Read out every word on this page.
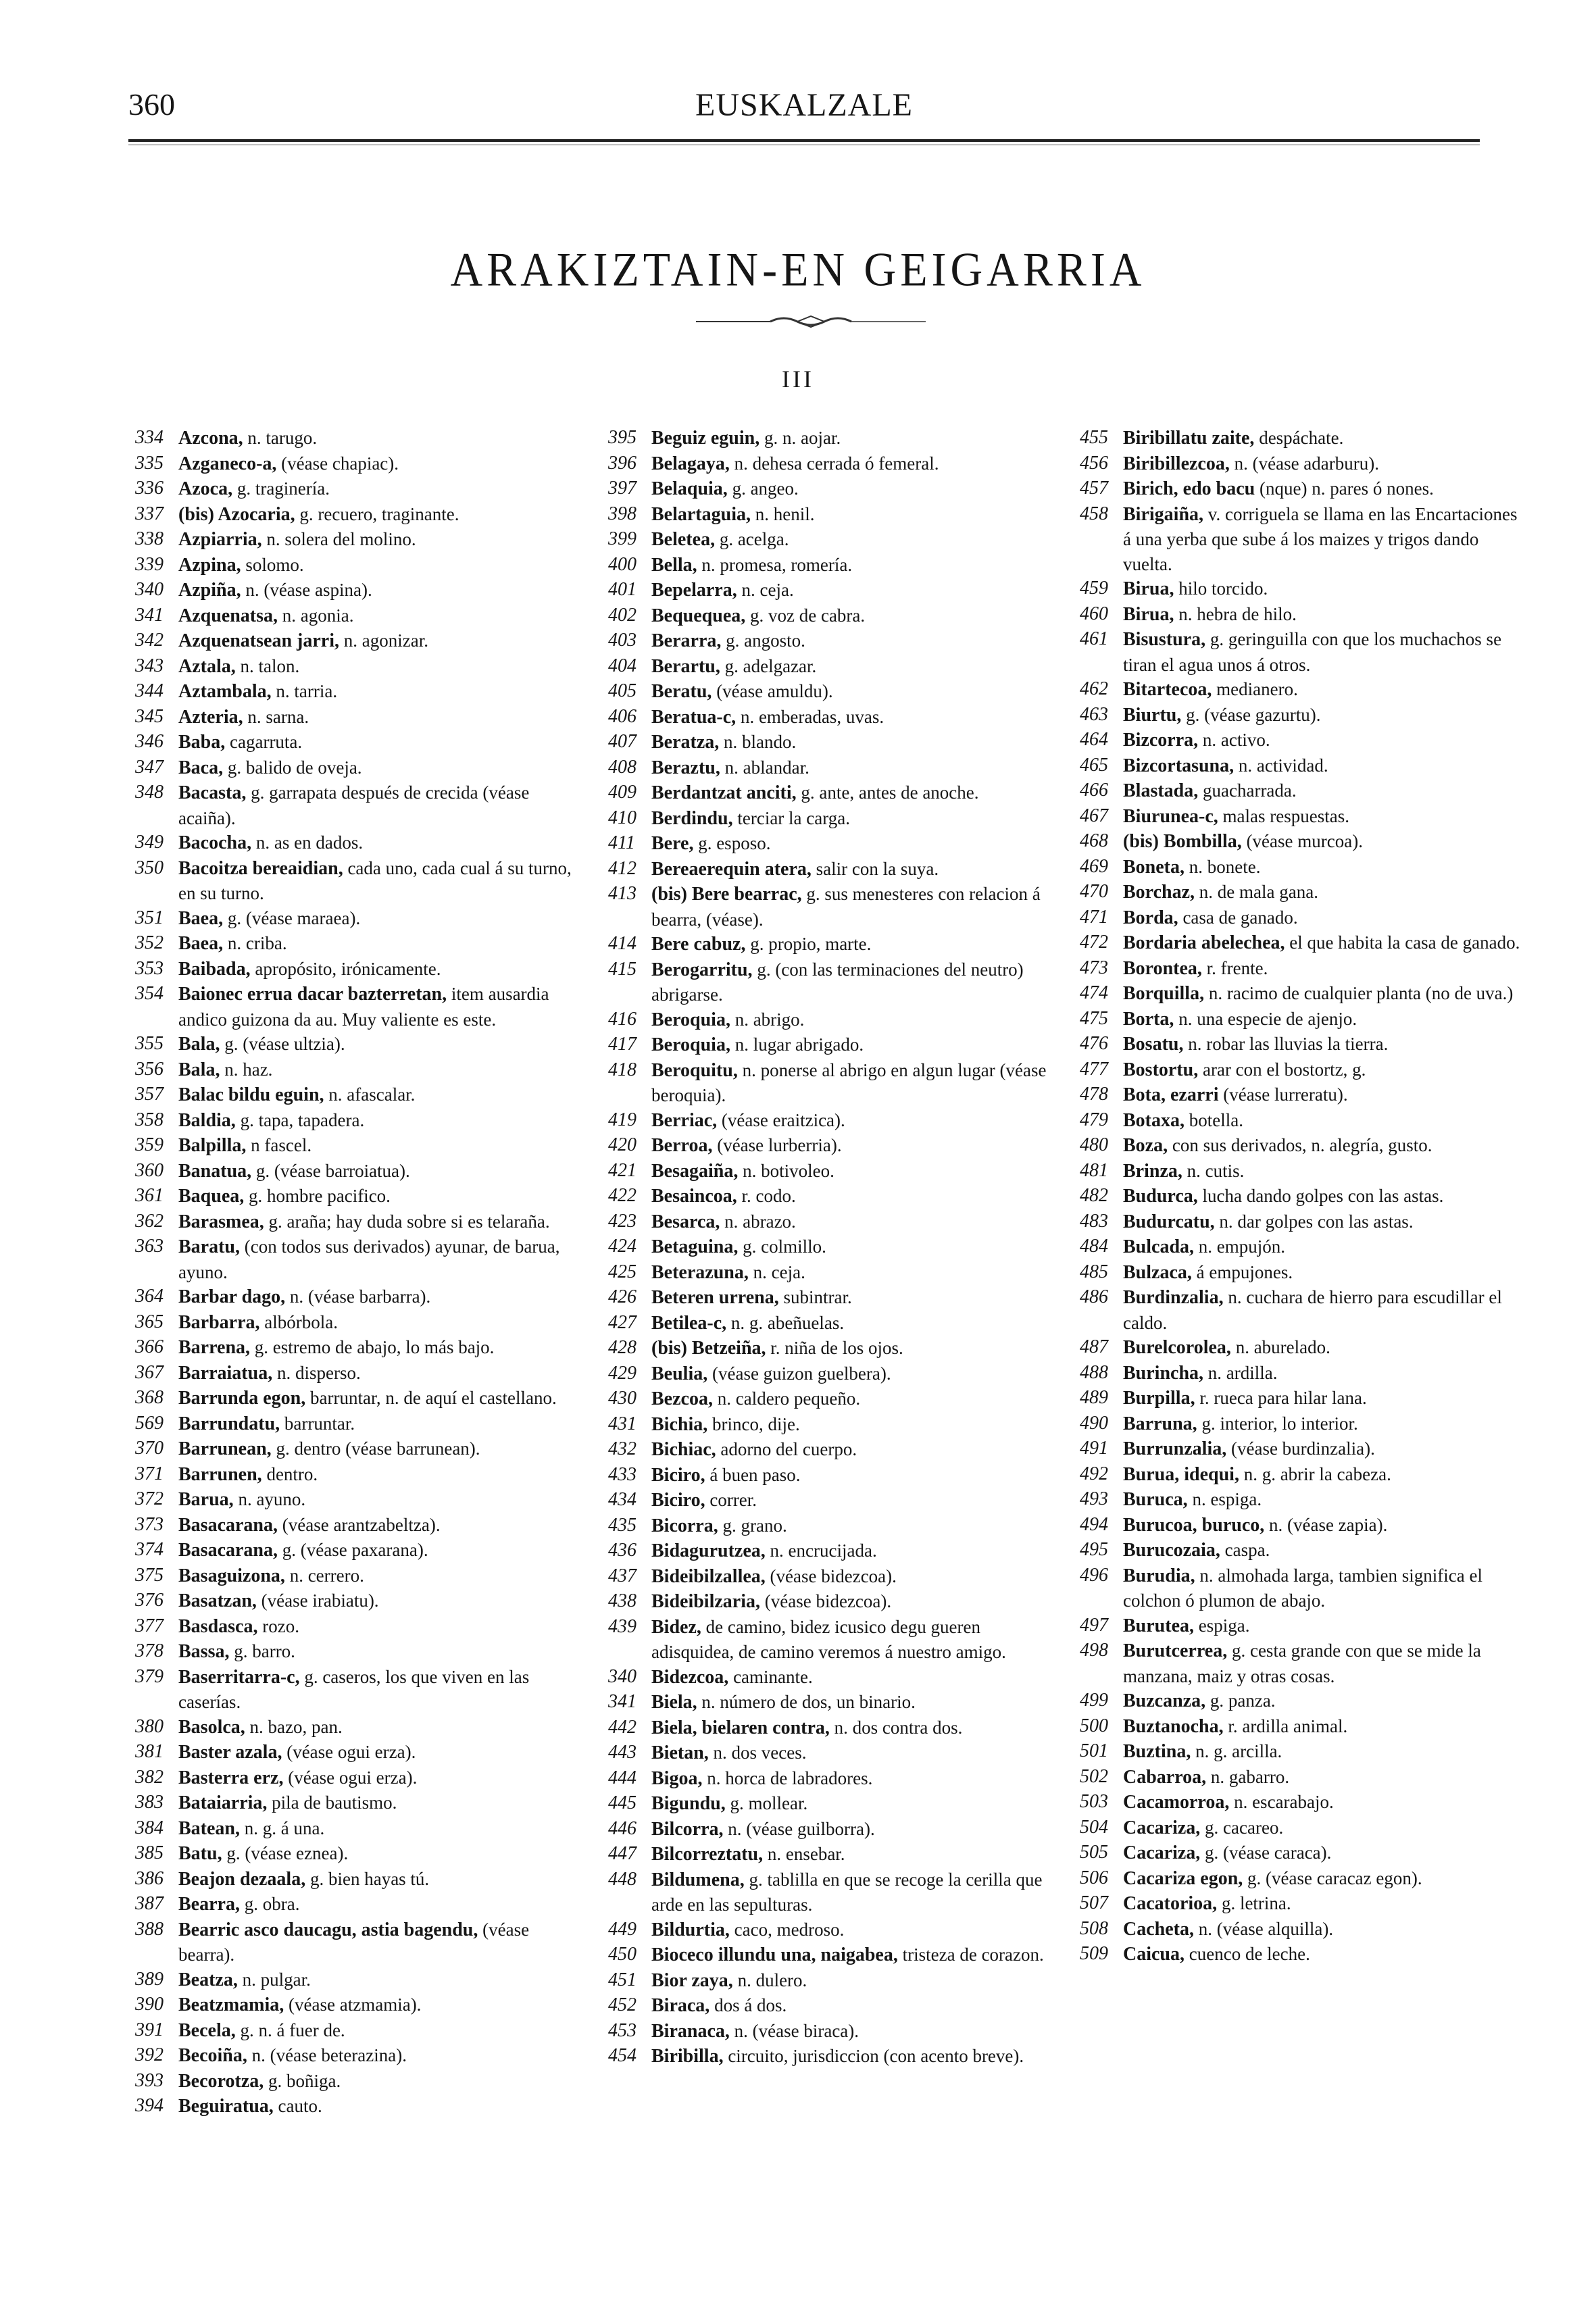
360	EUSKALZALE
ARAKIZTAIN-EN GEIGARRIA
III
334 Azcona, n. tarugo.
335 Azganeco-a, (véase chapiac).
336 Azoca, g. traginería.
337 (bis) Azocaria, g. recuero, traginante.
338 Azpiarria, n. solera del molino.
339 Azpina, solomo.
340 Azpiña, n. (véase aspina).
341 Azquenatsa, n. agonia.
342 Azquenatsean jarri, n. agonizar.
343 Aztala, n. talon.
344 Aztambala, n. tarria.
345 Azteria, n. sarna.
346 Baba, cagarruta.
347 Baca, g. balido de oveja.
348 Bacasta, g. garrapata después de crecida (véase acaiña).
349 Bacocha, n. as en dados.
350 Bacoitza bereaidian, cada uno, cada cual á su turno, en su turno.
351 Baea, g. (véase maraea).
352 Baea, n. criba.
353 Baibada, apropósito, irónicamente.
354 Baionec errua dacar bazterretan, item ausardia andico guizona da au. Muy valiente es este.
355 Bala, g. (véase ultzia).
356 Bala, n. haz.
357 Balac bildu eguin, n. afascalar.
358 Baldia, g. tapa, tapadera.
359 Balpilla, n fascel.
360 Banatua, g. (véase barroiatua).
361 Baquea, g. hombre pacifico.
362 Barasmea, g. araña; hay duda sobre si es telaraña.
363 Baratu, (con todos sus derivados) ayunar, de barua, ayuno.
364 Barbar dago, n. (véase barbarra).
365 Barbarra, albórbola.
366 Barrena, g. estremo de abajo, lo más bajo.
367 Barraiatua, n. disperso.
368 Barrunda egon, barruntar, n. de aquí el castellano.
569 Barrundatu, barruntar.
370 Barrunean, g. dentro (véase barrunean).
371 Barrunen, dentro.
372 Barua, n. ayuno.
373 Basacarana, (véase arantzabeltza).
374 Basacarana, g. (véase paxarana).
375 Basaguizona, n. cerrero.
376 Basatzan, (véase irabiatu).
377 Basdasca, rozo.
378 Bassa, g. barro.
379 Baserritarra-c, g. caseros, los que viven en las caserías.
380 Basolca, n. bazo, pan.
381 Baster azala, (véase ogui erza).
382 Basterra erz, (véase ogui erza).
383 Bataiarria, pila de bautismo.
384 Batean, n. g. á una.
385 Batu, g. (véase eznea).
386 Beajon dezaala, g. bien hayas tú.
387 Bearra, g. obra.
388 Bearric asco daucagu, astia bagendu, (véase bearra).
389 Beatza, n. pulgar.
390 Beatzmamia, (véase atzmamia).
391 Becela, g. n. á fuer de.
392 Becoiña, n. (véase beterazina).
393 Becorotza, g. boñiga.
394 Beguiratua, cauto.
395 Beguiz eguin, g. n. aojar.
396 Belagaya, n. dehesa cerrada ó femeral.
397 Belaquia, g. angeo.
398 Belartaguia, n. henil.
399 Beletea, g. acelga.
400 Bella, n. promesa, romería.
401 Bepelarra, n. ceja.
402 Bequequea, g. voz de cabra.
403 Berarra, g. angosto.
404 Berartu, g. adelgazar.
405 Beratu, (véase amuldu).
406 Beratua-c, n. emberadas, uvas.
407 Beratza, n. blando.
408 Beraztu, n. ablandar.
409 Berdantzat anciti, g. ante, antes de anoche.
410 Berdindu, terciar la carga.
411 Bere, g. esposo.
412 Bereaerequin atera, salir con la suya.
413 (bis) Bere bearrac, g. sus menesteres con relacion á bearra, (véase).
414 Bere cabuz, g. propio, marte.
415 Berogarritu, g. (con las terminaciones del neutro) abrigarse.
416 Beroquia, n. abrigo.
417 Beroquia, n. lugar abrigado.
418 Beroquitu, n. ponerse al abrigo en algun lugar (véase beroquia).
419 Berriac, (véase eraitzica).
420 Berroa, (véase lurberria).
421 Besagaiña, n. botivoleo.
422 Besaincoa, r. codo.
423 Besarca, n. abrazo.
424 Betaguina, g. colmillo.
425 Beterazuna, n. ceja.
426 Beteren urrena, subintrar.
427 Betilea-c, n. g. abeñuelas.
428 (bis) Betzeiña, r. niña de los ojos.
429 Beulia, (véase guizon guelbera).
430 Bezcoa, n. caldero pequeño.
431 Bichia, brinco, dije.
432 Bichiac, adorno del cuerpo.
433 Biciro, á buen paso.
434 Biciro, correr.
435 Bicorra, g. grano.
436 Bidagurutzea, n. encrucijada.
437 Bideibilzallea, (véase bidezcoa).
438 Bideibilzaria, (véase bidezcoa).
439 Bidez, de camino, bidez icusico degu gueren adisquidea, de camino veremos á nuestro amigo.
340 Bidezcoa, caminante.
341 Biela, n. número de dos, un binario.
442 Biela, bielaren contra, n. dos contra dos.
443 Bietan, n. dos veces.
444 Bigoa, n. horca de labradores.
445 Bigundu, g. mollear.
446 Bilcorra, n. (véase guilborra).
447 Bilcorreztatu, n. ensebar.
448 Bildumena, g. tablilla en que se recoge la cerilla que arde en las sepulturas.
449 Bildurtia, caco, medroso.
450 Bioceco illundu una, naigabea, tristeza de corazon.
451 Bior zaya, n. dulero.
452 Biraca, dos á dos.
453 Biranaca, n. (véase biraca).
454 Biribilla, circuito, jurisdiccion (con acento breve).
455 Biribillatu zaite, despáchate.
456 Biribillezcoa, n. (véase adarburu).
457 Birich, edo bacu (nque) n. pares ó nones.
458 Birigaiña, v. corriguela se llama en las Encartaciones á una yerba que sube á los maizes y trigos dando vuelta.
459 Birua, hilo torcido.
460 Birua, n. hebra de hilo.
461 Bisustura, g. geringuilla con que los muchachos se tiran el agua unos á otros.
462 Bitartecoa, medianero.
463 Biurtu, g. (véase gazurtu).
464 Bizcorra, n. activo.
465 Bizcortasuna, n. actividad.
466 Blastada, guacharrada.
467 Biurunea-c, malas respuestas.
468 (bis) Bombilla, (véase murcoa).
469 Boneta, n. bonete.
470 Borchaz, n. de mala gana.
471 Borda, casa de ganado.
472 Bordaria abelechea, el que habita la casa de ganado.
473 Borontea, r. frente.
474 Borquilla, n. racimo de cualquier planta (no de uva.)
475 Borta, n. una especie de ajenjo.
476 Bosatu, n. robar las lluvias la tierra.
477 Bostortu, arar con el bostortz, g.
478 Bota, ezarri (véase lurreratu).
479 Botaxa, botella.
480 Boza, con sus derivados, n. alegría, gusto.
481 Brinza, n. cutis.
482 Budurca, lucha dando golpes con las astas.
483 Budurcatu, n. dar golpes con las astas.
484 Bulcada, n. empujón.
485 Bulzaca, á empujones.
486 Burdinzalia, n. cuchara de hierro para escudillar el caldo.
487 Burelcorolea, n. aburelado.
488 Burincha, n. ardilla.
489 Burpilla, r. rueca para hilar lana.
490 Barruna, g. interior, lo interior.
491 Burrunzalia, (véase burdinzalia).
492 Burua, idequi, n. g. abrir la cabeza.
493 Buruca, n. espiga.
494 Burucoa, buruco, n. (véase zapia).
495 Burucozaia, caspa.
496 Burudia, n. almohada larga, tambien significa el colchon ó plumon de abajo.
497 Burutea, espiga.
498 Burutcerrea, g. cesta grande con que se mide la manzana, maiz y otras cosas.
499 Buzcanza, g. panza.
500 Buztanocha, r. ardilla animal.
501 Buztina, n. g. arcilla.
502 Cabarroa, n. gabarro.
503 Cacamorroa, n. escarabajo.
504 Cacariza, g. cacareo.
505 Cacariza, g. (véase caraca).
506 Cacariza egon, g. (véase caracaz egon).
507 Cacatorioa, g. letrina.
508 Cacheta, n. (véase alquilla).
509 Caicua, cuenco de leche.
